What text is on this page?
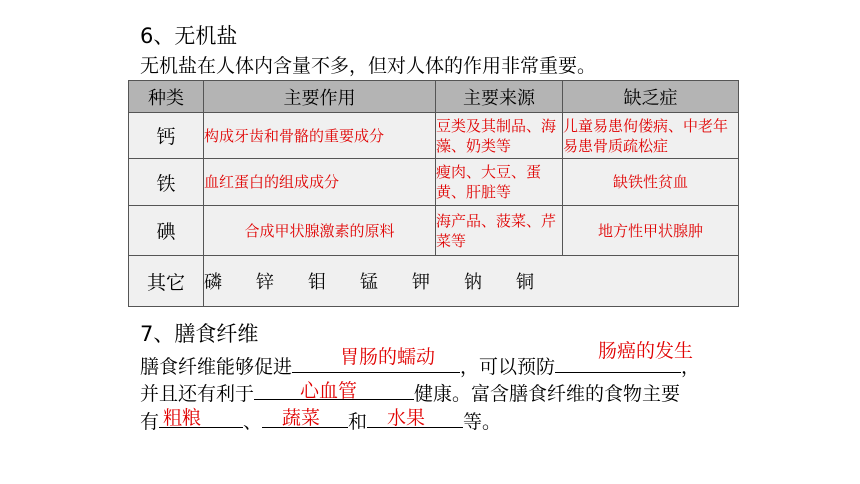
6、无机盐
无机盐在人体内含量不多，但对人体的作用非常重要。
种类	主要作用	主要来源	缺乏症
钙	构成牙齿和骨骼的重要成分	豆类及其制品、海藻、奶类等	儿童易患佝偻病、中老年易患骨质疏松症
铁	血红蛋白的组成成分	瘦肉、大豆、蛋黄、肝脏等	缺铁性贫血
碘	合成甲状腺激素的原料	海产品、菠菜、芹菜等	地方性甲状腺肿
其它	磷 锌 钼 锰 钾 钠 铜		
7、膳食纤维
膳食纤维能够促进	，可以预防	，
胃肠的蠕动	肠癌的发生
并且还有利于	健康。富含膳食纤维的食物主要
心血管
有	、	和	等。
粗粮	蔬菜	水果
